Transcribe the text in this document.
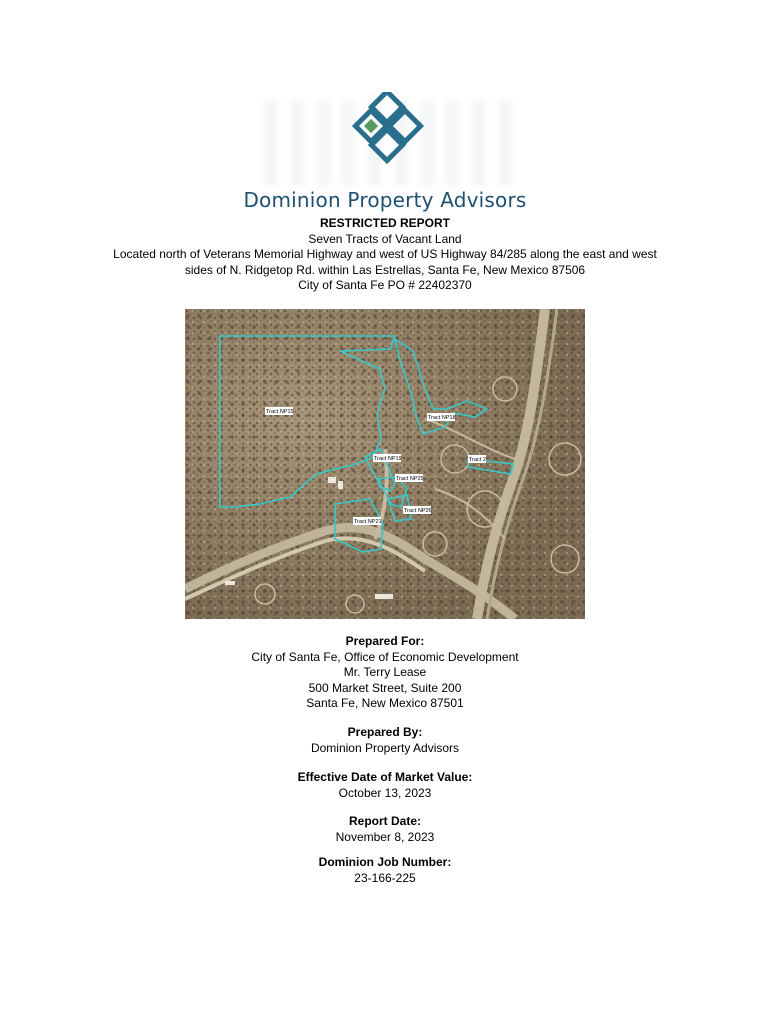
Dominion Property Advisors
RESTRICTED REPORT
Seven Tracts of Vacant Land
Located north of Veterans Memorial Highway and west of US Highway 84/285 along the east and west
sides of N. Ridgetop Rd. within Las Estrellas, Santa Fe, New Mexico 87506
City of Santa Fe PO # 22402370
Tract NP15
Tract NP18
Tract NP19	Tract 2
Tract NP25
Tract NP26
Tract NP21
Prepared For:
City of Santa Fe, Office of Economic Development
Mr. Terry Lease
500 Market Street, Suite 200
Santa Fe, New Mexico 87501
Prepared By:
Dominion Property Advisors
Effective Date of Market Value:
October 13, 2023
Report Date:
November 8, 2023
Dominion Job Number:
23-166-225
